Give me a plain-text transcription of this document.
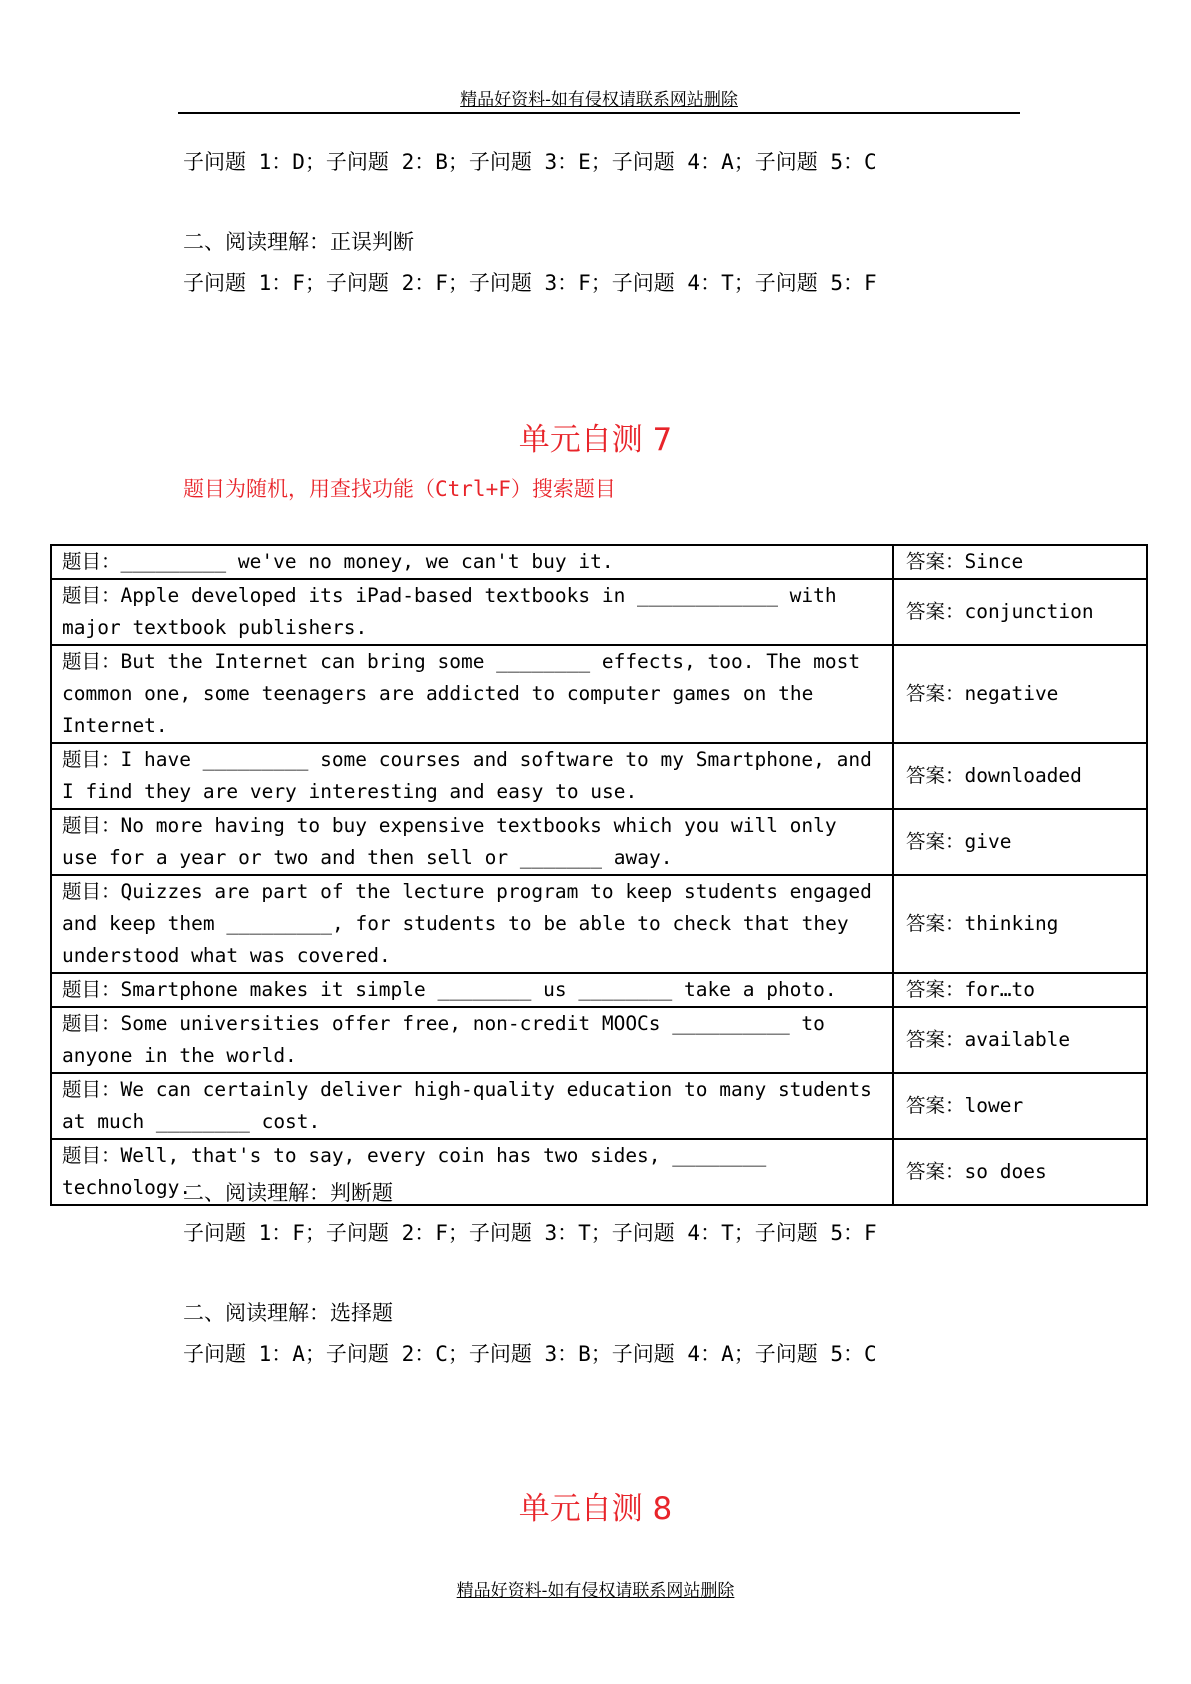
精品好资料-如有侵权请联系网站删除
子问题 1：D；子问题 2：B；子问题 3：E；子问题 4：A；子问题 5：C
二、阅读理解：正误判断
子问题 1：F；子问题 2：F；子问题 3：F；子问题 4：T；子问题 5：F
单元自测 7
题目为随机，用查找功能（Ctrl+F）搜索题目
题目：_________ we've no money, we can't buy it.	答案：Since
题目：Apple developed its iPad-based textbooks in ____________ with major textbook publishers.	答案：conjunction
题目：But the Internet can bring some ________ effects, too. The most common one, some teenagers are addicted to computer games on the Internet.	答案：negative
题目：I have _________ some courses and software to my Smartphone, and I find they are very interesting and easy to use.	答案：downloaded
题目：No more having to buy expensive textbooks which you will only use for a year or two and then sell or _______ away.	答案：give
题目：Quizzes are part of the lecture program to keep students engaged and keep them _________, for students to be able to check that they understood what was covered.	答案：thinking
题目：Smartphone makes it simple ________ us ________ take a photo.	答案：for…to
题目：Some universities offer free, non-credit MOOCs __________ to anyone in the world.	答案：available
题目：We can certainly deliver high-quality education to many students at much ________ cost.	答案：lower
题目：Well, that's to say, every coin has two sides, ________ technology.	答案：so does
二、阅读理解：判断题
子问题 1：F；子问题 2：F；子问题 3：T；子问题 4：T；子问题 5：F
二、阅读理解：选择题
子问题 1：A；子问题 2：C；子问题 3：B；子问题 4：A；子问题 5：C
单元自测 8
精品好资料-如有侵权请联系网站删除
